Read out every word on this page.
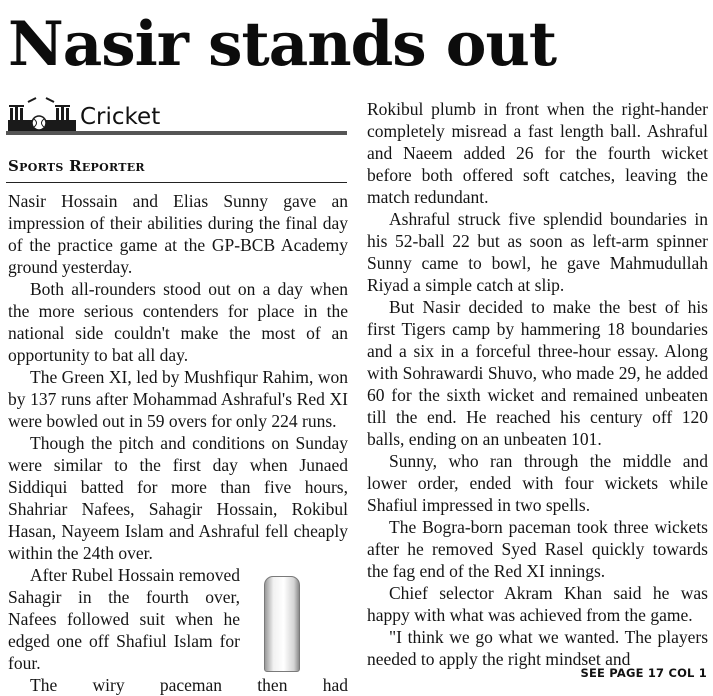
Nasir stands out
Cricket
Sports Reporter

Nasir Hossain and Elias Sunny gave an impression of their abilities during the final day of the practice game at the GP-BCB Academy ground yesterday.

Both all-rounders stood out on a day when the more serious contenders for place in the national side couldn't make the most of an opportunity to bat all day.

The Green XI, led by Mushfiqur Rahim, won by 137 runs after Mohammad Ashraful's Red XI were bowled out in 59 overs for only 224 runs.

Though the pitch and conditions on Sunday were similar to the first day when Junaed Siddiqui batted for more than five hours, Shahriar Nafees, Sahagir Hossain, Rokibul Hasan, Nayeem Islam and Ashraful fell cheaply within the 24th over.

After Rubel Hossain removed Sahagir in the fourth over, Nafees followed suit when he edged one off Shafiul Islam for four.

The wiry paceman then had

Rokibul plumb in front when the right-hander completely misread a fast length ball. Ashraful and Naeem added 26 for the fourth wicket before both offered soft catches, leaving the match redundant.

Ashraful struck five splendid boundaries in his 52-ball 22 but as soon as left-arm spinner Sunny came to bowl, he gave Mahmudullah Riyad a simple catch at slip.

But Nasir decided to make the best of his first Tigers camp by hammering 18 boundaries and a six in a forceful three-hour essay. Along with Sohrawardi Shuvo, who made 29, he added 60 for the sixth wicket and remained unbeaten till the end. He reached his century off 120 balls, ending on an unbeaten 101.

Sunny, who ran through the middle and lower order, ended with four wickets while Shafiul impressed in two spells.

The Bogra-born paceman took three wickets after he removed Syed Rasel quickly towards the fag end of the Red XI innings.

Chief selector Akram Khan said he was happy with what was achieved from the game.

"I think we go what we wanted. The players needed to apply the right mindset and

SEE PAGE 17 COL 1
